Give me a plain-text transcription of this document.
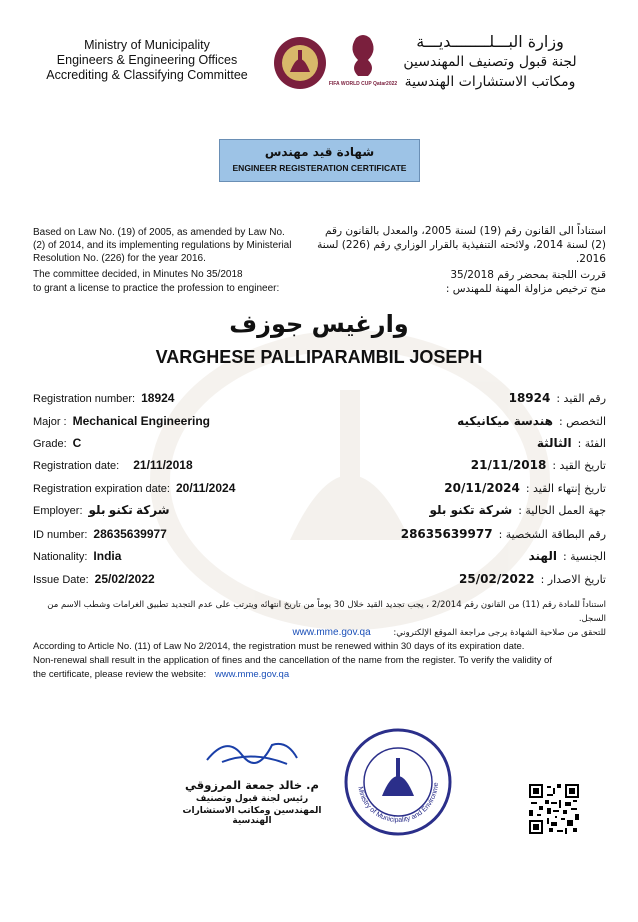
Ministry of Municipality
Engineers & Engineering Offices
Accrediting & Classifying Committee
FIFA WORLD CUP Qatar2022
وزارة البـــلــــــــديـــة
لجنة قبول وتصنيف المهندسين
ومكاتب الاستشارات الهندسية
شهادة قيد مهندس
ENGINEER REGISTERATION CERTIFICATE
Based on Law No. (19) of 2005, as amended by Law No. (2) of 2014, and its implementing regulations by Ministerial Resolution No. (226) for the year 2016.
The committee decided, in Minutes No 35/2018
to grant a license to practice the profession to engineer:
استناداً الى القانون رقم (19) لسنة 2005، والمعدل بالقانون رقم (2) لسنة 2014، ولائحته التنفيذية بالقرار الوزاري رقم (226) لسنة 2016.
قررت اللجنة بمحضر رقم 35/2018
منح ترخيص مزاولة المهنة للمهندس :
وارغيس جوزف
VARGHESE PALLIPARAMBIL JOSEPH
Registration number: 18924	رقم القيد :18924
Major : Mechanical Engineering	التخصص :هندسة ميكانيكيه
Grade: C	الفئة :الثالثة
Registration date: 21/11/2018	تاريخ القيد :21/11/2018
Registration expiration date: 20/11/2024	تاريخ إنتهاء القيد :20/11/2024
Employer: شركة تكنو بلو	جهة العمل الحالية :شركة تكنو بلو
ID number: 28635639977	رقم البطاقة الشخصية :28635639977
Nationality: India	الجنسية :الهند
Issue Date: 25/02/2022	تاريخ الاصدار :25/02/2022
استناداً للمادة رقم (11) من القانون رقم 2/2014 ، يجب تجديد القيد خلال 30 يوماً من تاريخ انتهائه ويترتب على عدم التجديد تطبيق الغرامات وشطب الاسم من السجل.
للتحقق من صلاحية الشهادة يرجى مراجعة الموقع الإلكتروني: www.mme.gov.qa
According to Article No. (11) of Law No 2/2014, the registration must be renewed within 30 days of its expiration date.
Non-renewal shall result in the application of fines and the cancellation of the name from the register. To verify the validity of
the certificate, please review the website: www.mme.gov.qa
م. خالد جمعة المرزوقي
رئيس لجنة قبول وتصنيف
المهندسين ومكاتب الاستشارات الهندسية
Ministry of Municipality and Environme
